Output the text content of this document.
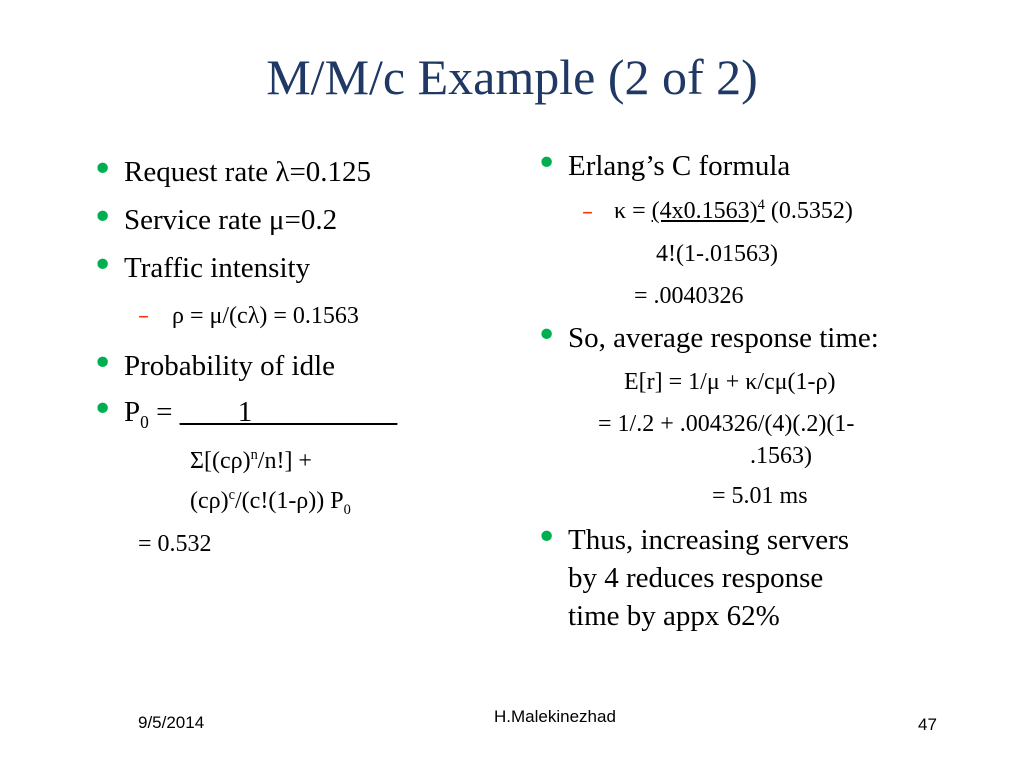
M/M/c Example (2 of 2)
• Request rate λ=0.125
• Service rate μ=0.2
• Traffic intensity
– ρ = μ/(cλ) = 0.1563
• Probability of idle
• $P_0$ = ____1__________
$\Sigma[(c\rho)^n/n!]$ +
$(c\rho)^c/(c!(1-\rho))$ $P_0$
= 0.532
• Erlang’s C formula
– $\kappa = (4x0.1563)^4$ (0.5352)
4!(1-.01563)
= .0040326
• So, average response time:
E[r] = 1/μ + κ/cμ(1-ρ)
= 1/.2 + .004326/(4)(.2)(1-
.1563)
= 5.01 ms
• Thus, increasing servers
by 4 reduces response
time by appx 62%
9/5/2014	H.Malekinezhad	47
